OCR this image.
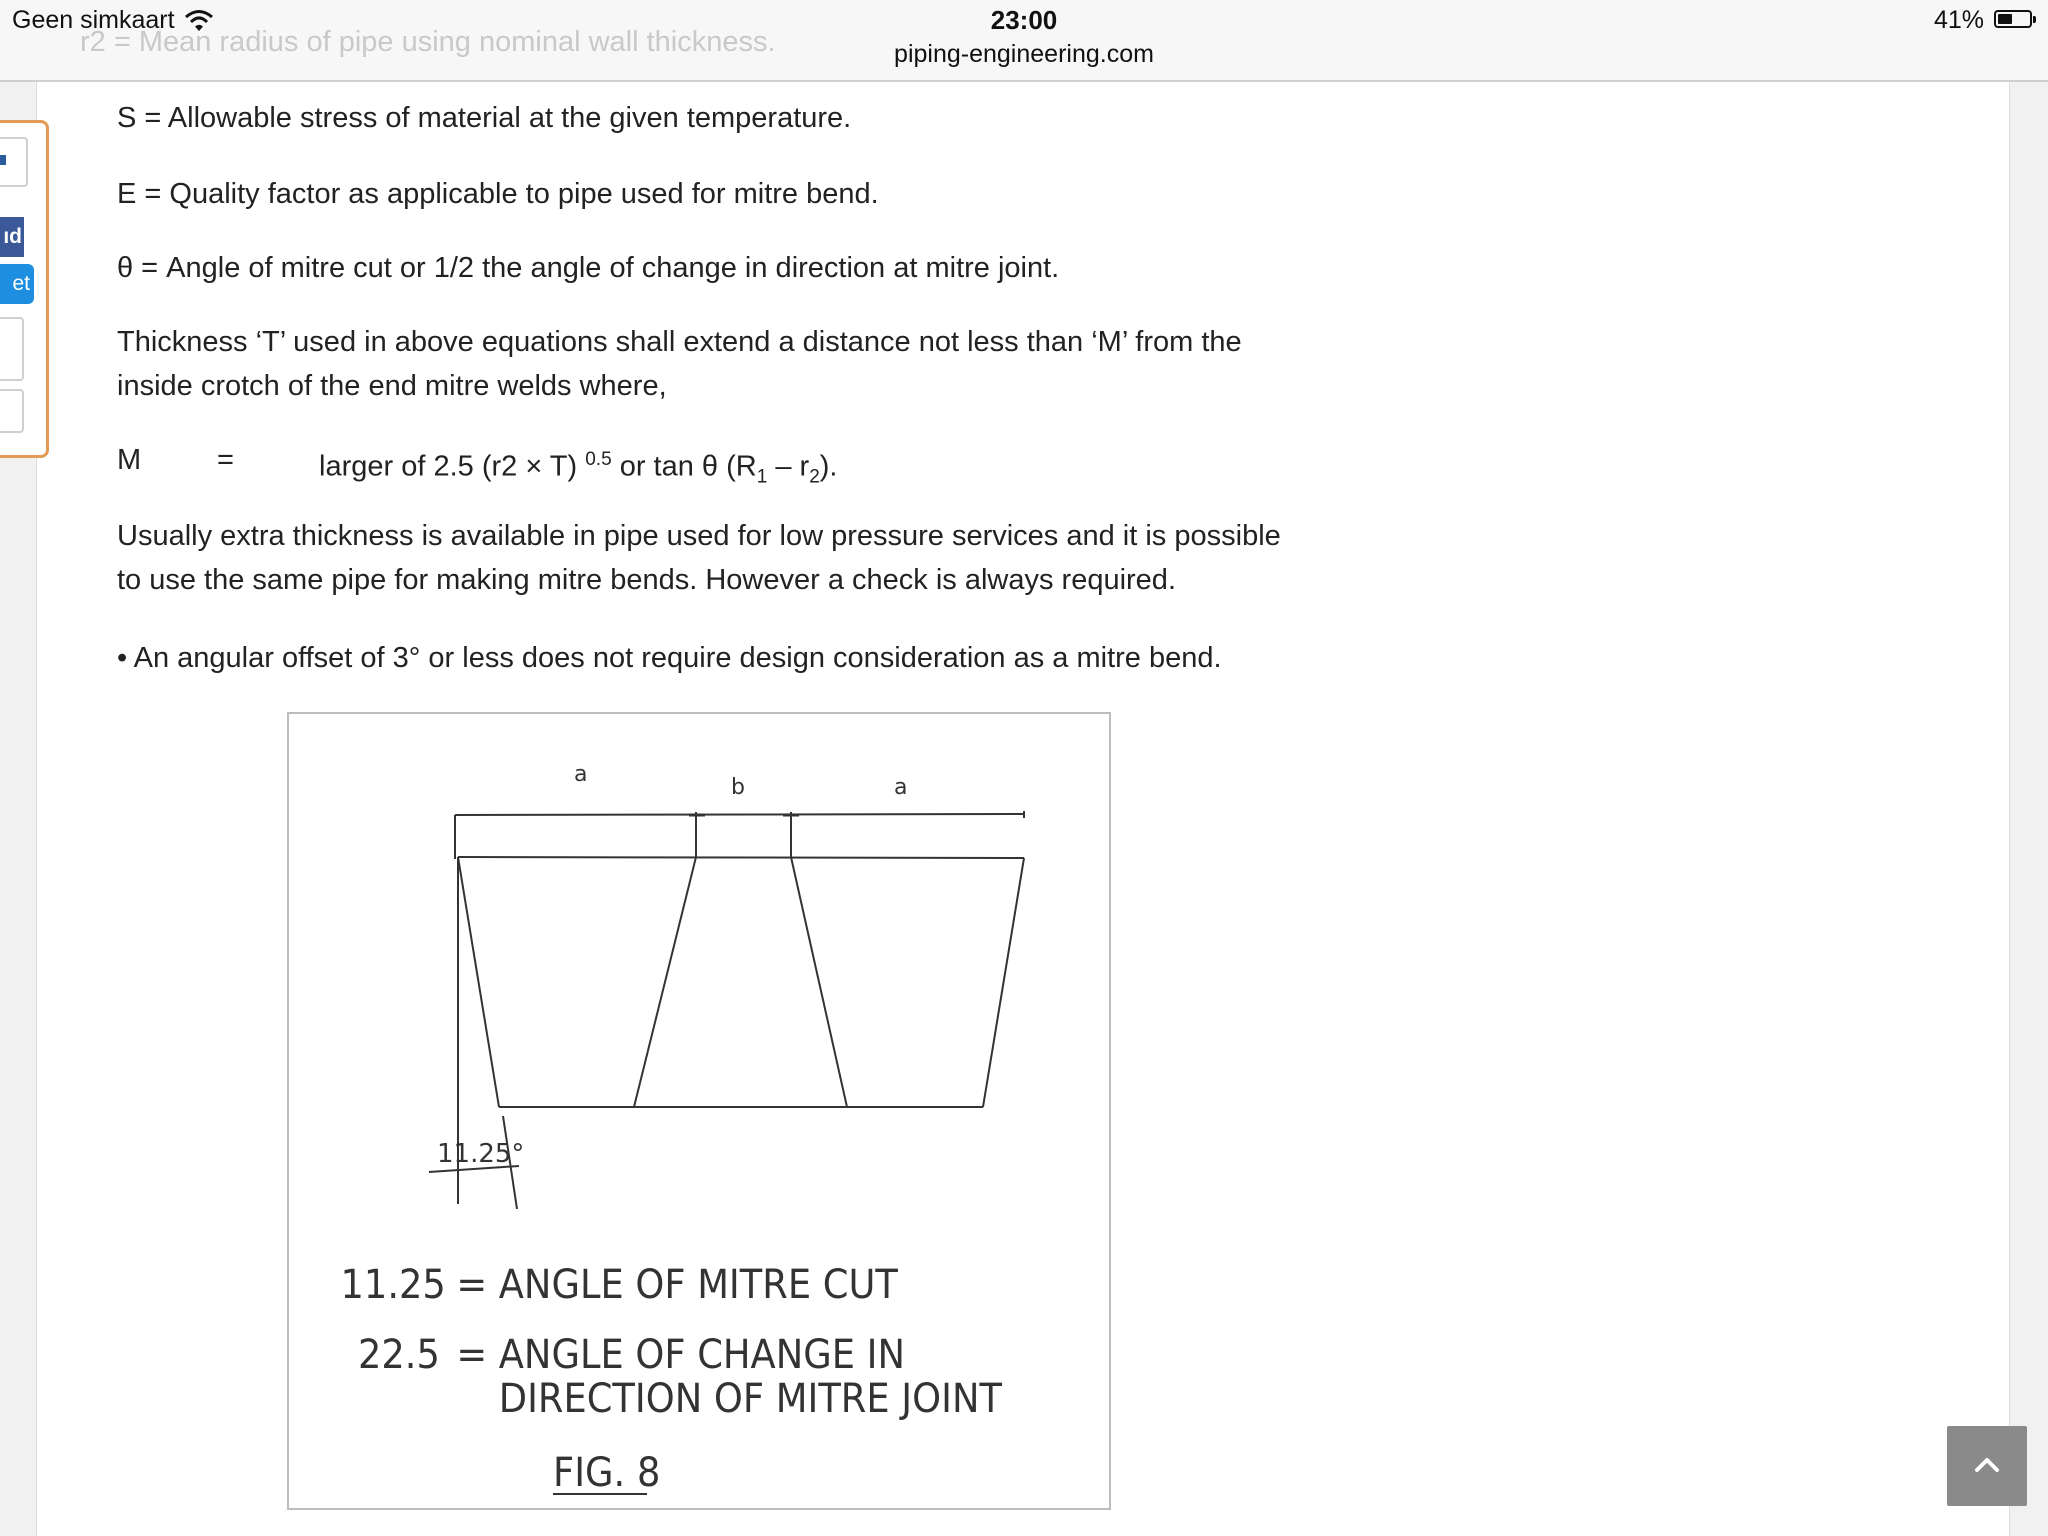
Geen simkaart	23:00
piping-engineering.com
41%
r2 = Mean radius of pipe using nominal wall thickness.
S = Allowable stress of material at the given temperature.
E = Quality factor as applicable to pipe used for mitre bend.
θ = Angle of mitre cut or 1/2 the angle of change in direction at mitre joint.
Thickness ‘T’ used in above equations shall extend a distance not less than ‘M’ from the
inside crotch of the end mitre welds where,
M	=	larger of 2.5 (r2 × T) $^{0.5}$ or tan θ $(R_1 - r_2)$.
Usually extra thickness is available in pipe used for low pressure services and it is possible
to use the same pipe for making mitre bends. However a check is always required.
• An angular offset of 3° or less does not require design consideration as a mitre bend.
ıd
et
a
b	a
11.25°
11.25 = ANGLE OF MITRE CUT
22.5 = ANGLE OF CHANGE IN
DIRECTION OF MITRE JOINT
FIG. 8
